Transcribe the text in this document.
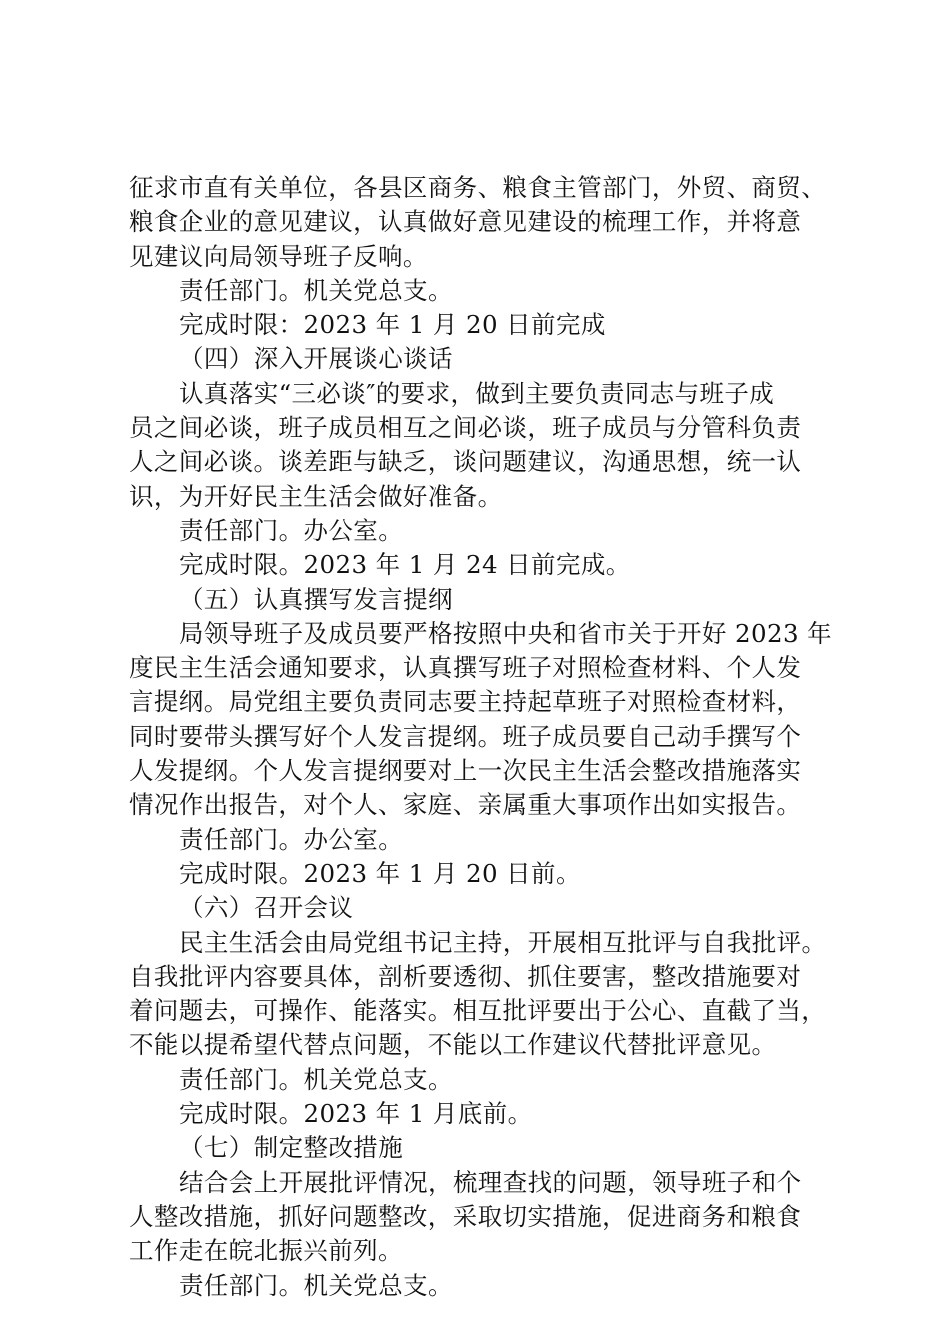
征求市直有关单位，各县区商务、粮食主管部门，外贸、商贸、
粮食企业的意见建议，认真做好意见建设的梳理工作，并将意
见建议向局领导班子反响。
责任部门。机关党总支。
完成时限：2023 年 1 月 20 日前完成
（四）深入开展谈心谈话
认真落实“三必谈″的要求，做到主要负责同志与班子成
员之间必谈，班子成员相互之间必谈，班子成员与分管科负责
人之间必谈。谈差距与缺乏，谈问题建议，沟通思想，统一认
识，为开好民主生活会做好准备。
责任部门。办公室。
完成时限。2023 年 1 月 24 日前完成。
（五）认真撰写发言提纲
局领导班子及成员要严格按照中央和省市关于开好 2023 年
度民主生活会通知要求，认真撰写班子对照检查材料、个人发
言提纲。局党组主要负责同志要主持起草班子对照检查材料，
同时要带头撰写好个人发言提纲。班子成员要自己动手撰写个
人发提纲。个人发言提纲要对上一次民主生活会整改措施落实
情况作出报告，对个人、家庭、亲属重大事项作出如实报告。
责任部门。办公室。
完成时限。2023 年 1 月 20 日前。
（六）召开会议
民主生活会由局党组书记主持，开展相互批评与自我批评。
自我批评内容要具体，剖析要透彻、抓住要害，整改措施要对
着问题去，可操作、能落实。相互批评要出于公心、直截了当，
不能以提希望代替点问题，不能以工作建议代替批评意见。
责任部门。机关党总支。
完成时限。2023 年 1 月底前。
（七）制定整改措施
结合会上开展批评情况，梳理查找的问题，领导班子和个
人整改措施，抓好问题整改，采取切实措施，促进商务和粮食
工作走在皖北振兴前列。
责任部门。机关党总支。
